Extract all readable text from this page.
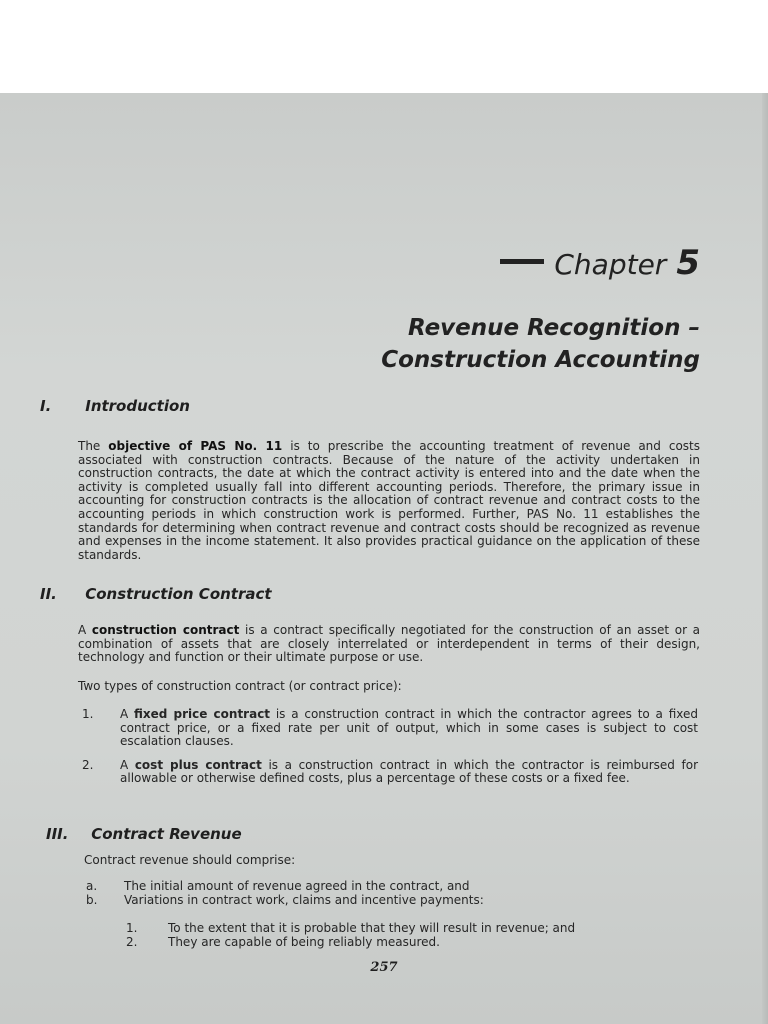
Chapter 5
Revenue Recognition –
Construction Accounting
I. Introduction
The objective of PAS No. 11 is to prescribe the accounting treatment of revenue and costs associated with construction contracts. Because of the nature of the activity undertaken in construction contracts, the date at which the contract activity is entered into and the date when the activity is completed usually fall into different accounting periods. Therefore, the primary issue in accounting for construction contracts is the allocation of contract revenue and contract costs to the accounting periods in which construction work is performed. Further, PAS No. 11 establishes the standards for determining when contract revenue and contract costs should be recognized as revenue and expenses in the income statement. It also provides practical guidance on the application of these standards.
II. Construction Contract
A construction contract is a contract specifically negotiated for the construction of an asset or a combination of assets that are closely interrelated or interdependent in terms of their design, technology and function or their ultimate purpose or use.
Two types of construction contract (or contract price):
1.	A fixed price contract is a construction contract in which the contractor agrees to a fixed contract price, or a fixed rate per unit of output, which in some cases is subject to cost escalation clauses.
2.	A cost plus contract is a construction contract in which the contractor is reimbursed for allowable or otherwise defined costs, plus a percentage of these costs or a fixed fee.
III. Contract Revenue
Contract revenue should comprise:
a.	The initial amount of revenue agreed in the contract, and
b.	Variations in contract work, claims and incentive payments:
1.	To the extent that it is probable that they will result in revenue; and
2.	They are capable of being reliably measured.
257
